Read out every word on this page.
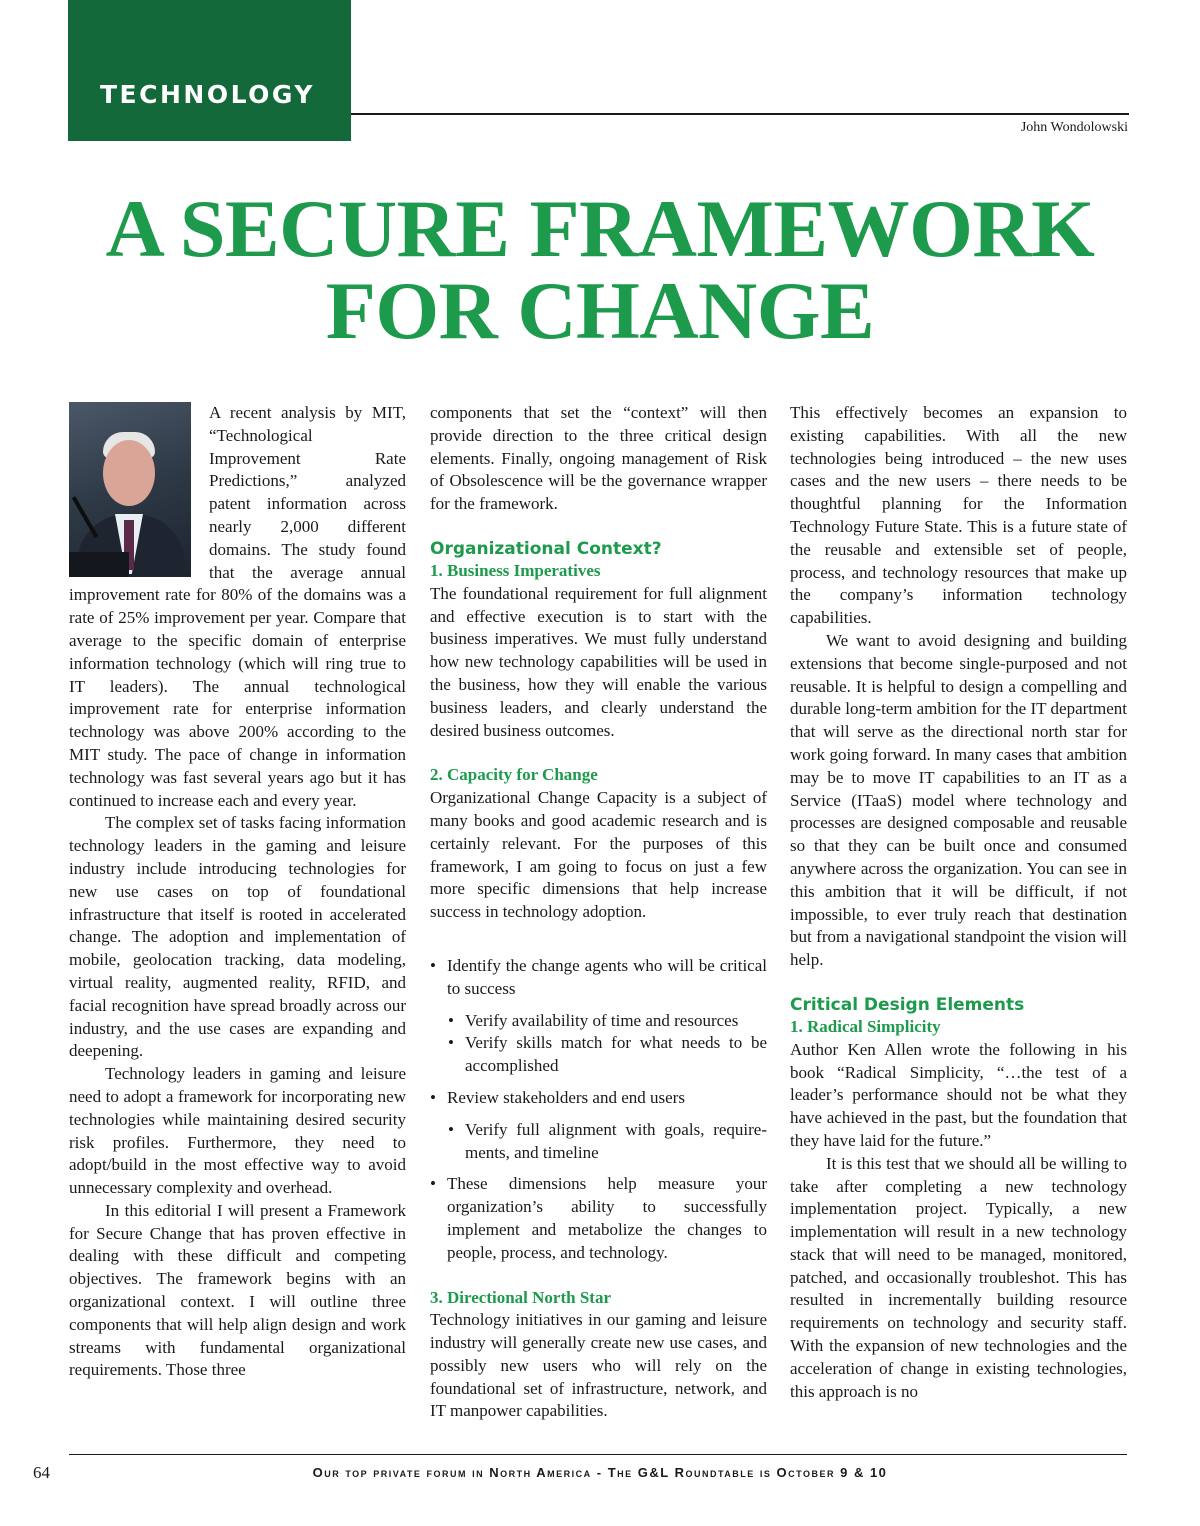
TECHNOLOGY
John Wondolowski
A SECURE FRAMEWORK
FOR CHANGE

A recent analysis by MIT, “Technological Improvement Rate Predictions,” analyzed patent information across nearly 2,000 different domains. The study found that the average annual improvement rate for 80% of the domains was a rate of 25% improvement per year. Compare that average to the specific domain of enterprise information technology (which will ring true to IT leaders). The annual technological improvement rate for enterprise information technology was above 200% according to the MIT study. The pace of change in information technology was fast several years ago but it has continued to increase each and every year.

The complex set of tasks facing information technology leaders in the gaming and leisure industry include introducing technologies for new use cases on top of foundational infrastructure that itself is rooted in accelerated change. The adoption and implementation of mobile, geolocation tracking, data modeling, virtual reality, augmented reality, RFID, and facial recognition have spread broadly across our industry, and the use cases are expanding and deepening.

Technology leaders in gaming and leisure need to adopt a framework for incorporating new technologies while maintaining desired security risk profiles. Furthermore, they need to adopt/build in the most effective way to avoid unnecessary complexity and overhead.

In this editorial I will present a Framework for Secure Change that has proven effective in dealing with these difficult and competing objectives. The framework begins with an organizational context. I will outline three components that will help align design and work streams with fundamental organizational requirements. Those three

components that set the “context” will then provide direction to the three critical design elements. Finally, ongoing management of Risk of Obsolescence will be the governance wrapper for the framework.

Organizational Context?
1. Business Imperatives

The foundational requirement for full alignment and effective execution is to start with the business imperatives. We must fully understand how new technology capabilities will be used in the business, how they will enable the various business leaders, and clearly understand the desired business outcomes.

2. Capacity for Change

Organizational Change Capacity is a subject of many books and good academic research and is certainly relevant. For the purposes of this framework, I am going to focus on just a few more specific dimensions that help increase success in technology adoption.

• Identify the change agents who will be critical to success

• Verify availability of time and resources

• Verify skills match for what needs to be accomplished

• Review stakeholders and end users

• Verify full alignment with goals, require-ments, and timeline

• These dimensions help measure your organization’s ability to successfully implement and metabolize the changes to people, process, and technology.

3. Directional North Star

Technology initiatives in our gaming and leisure industry will generally create new use cases, and possibly new users who will rely on the foundational set of infrastructure, network, and IT manpower capabilities.

This effectively becomes an expansion to existing capabilities. With all the new technologies being introduced – the new uses cases and the new users – there needs to be thoughtful planning for the Information Technology Future State. This is a future state of the reusable and extensible set of people, process, and technology resources that make up the company’s information technology capabilities.

We want to avoid designing and building extensions that become single-purposed and not reusable. It is helpful to design a compelling and durable long-term ambition for the IT department that will serve as the directional north star for work going forward. In many cases that ambition may be to move IT capabilities to an IT as a Service (ITaaS) model where technology and processes are designed composable and reusable so that they can be built once and consumed anywhere across the organization. You can see in this ambition that it will be difficult, if not impossible, to ever truly reach that destination but from a navigational standpoint the vision will help.

Critical Design Elements
1. Radical Simplicity

Author Ken Allen wrote the following in his book “Radical Simplicity, “…the test of a leader’s performance should not be what they have achieved in the past, but the foundation that they have laid for the future.”

It is this test that we should all be willing to take after completing a new technology implementation project. Typically, a new implementation will result in a new technology stack that will need to be managed, monitored, patched, and occasionally troubleshot. This has resulted in incrementally building resource requirements on technology and security staff. With the expansion of new technologies and the acceleration of change in existing technologies, this approach is no

64	Our top private forum in North America - The G&L Roundtable is October 9 & 10
